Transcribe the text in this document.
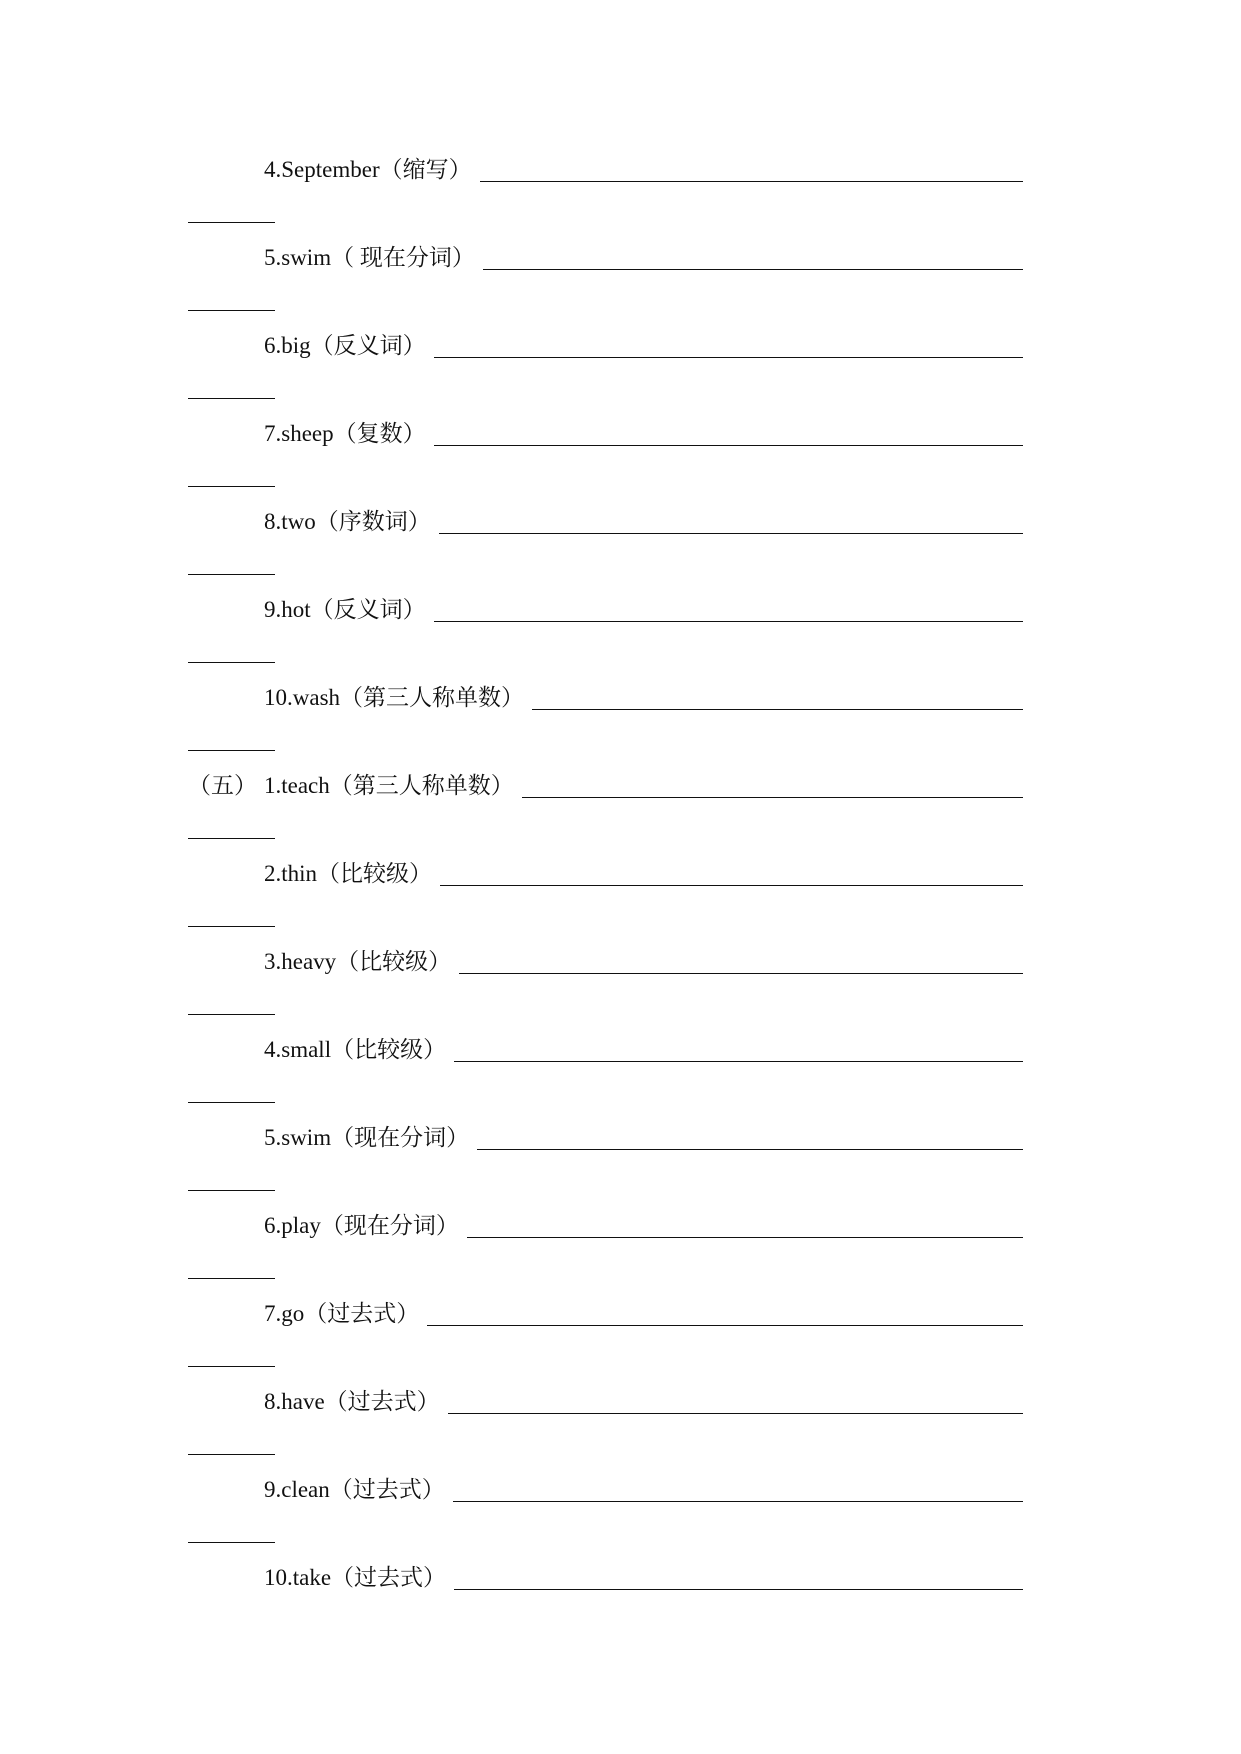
4.September（缩写）
5.swim（ 现在分词）
6.big（反义词）
7.sheep（复数）
8.two（序数词）
9.hot（反义词）
10.wash（第三人称单数）
（五） 1.teach（第三人称单数）
2.thin（比较级）
3.heavy（比较级）
4.small（比较级）
5.swim（现在分词）
6.play（现在分词）
7.go（过去式）
8.have（过去式）
9.clean（过去式）
10.take（过去式）
